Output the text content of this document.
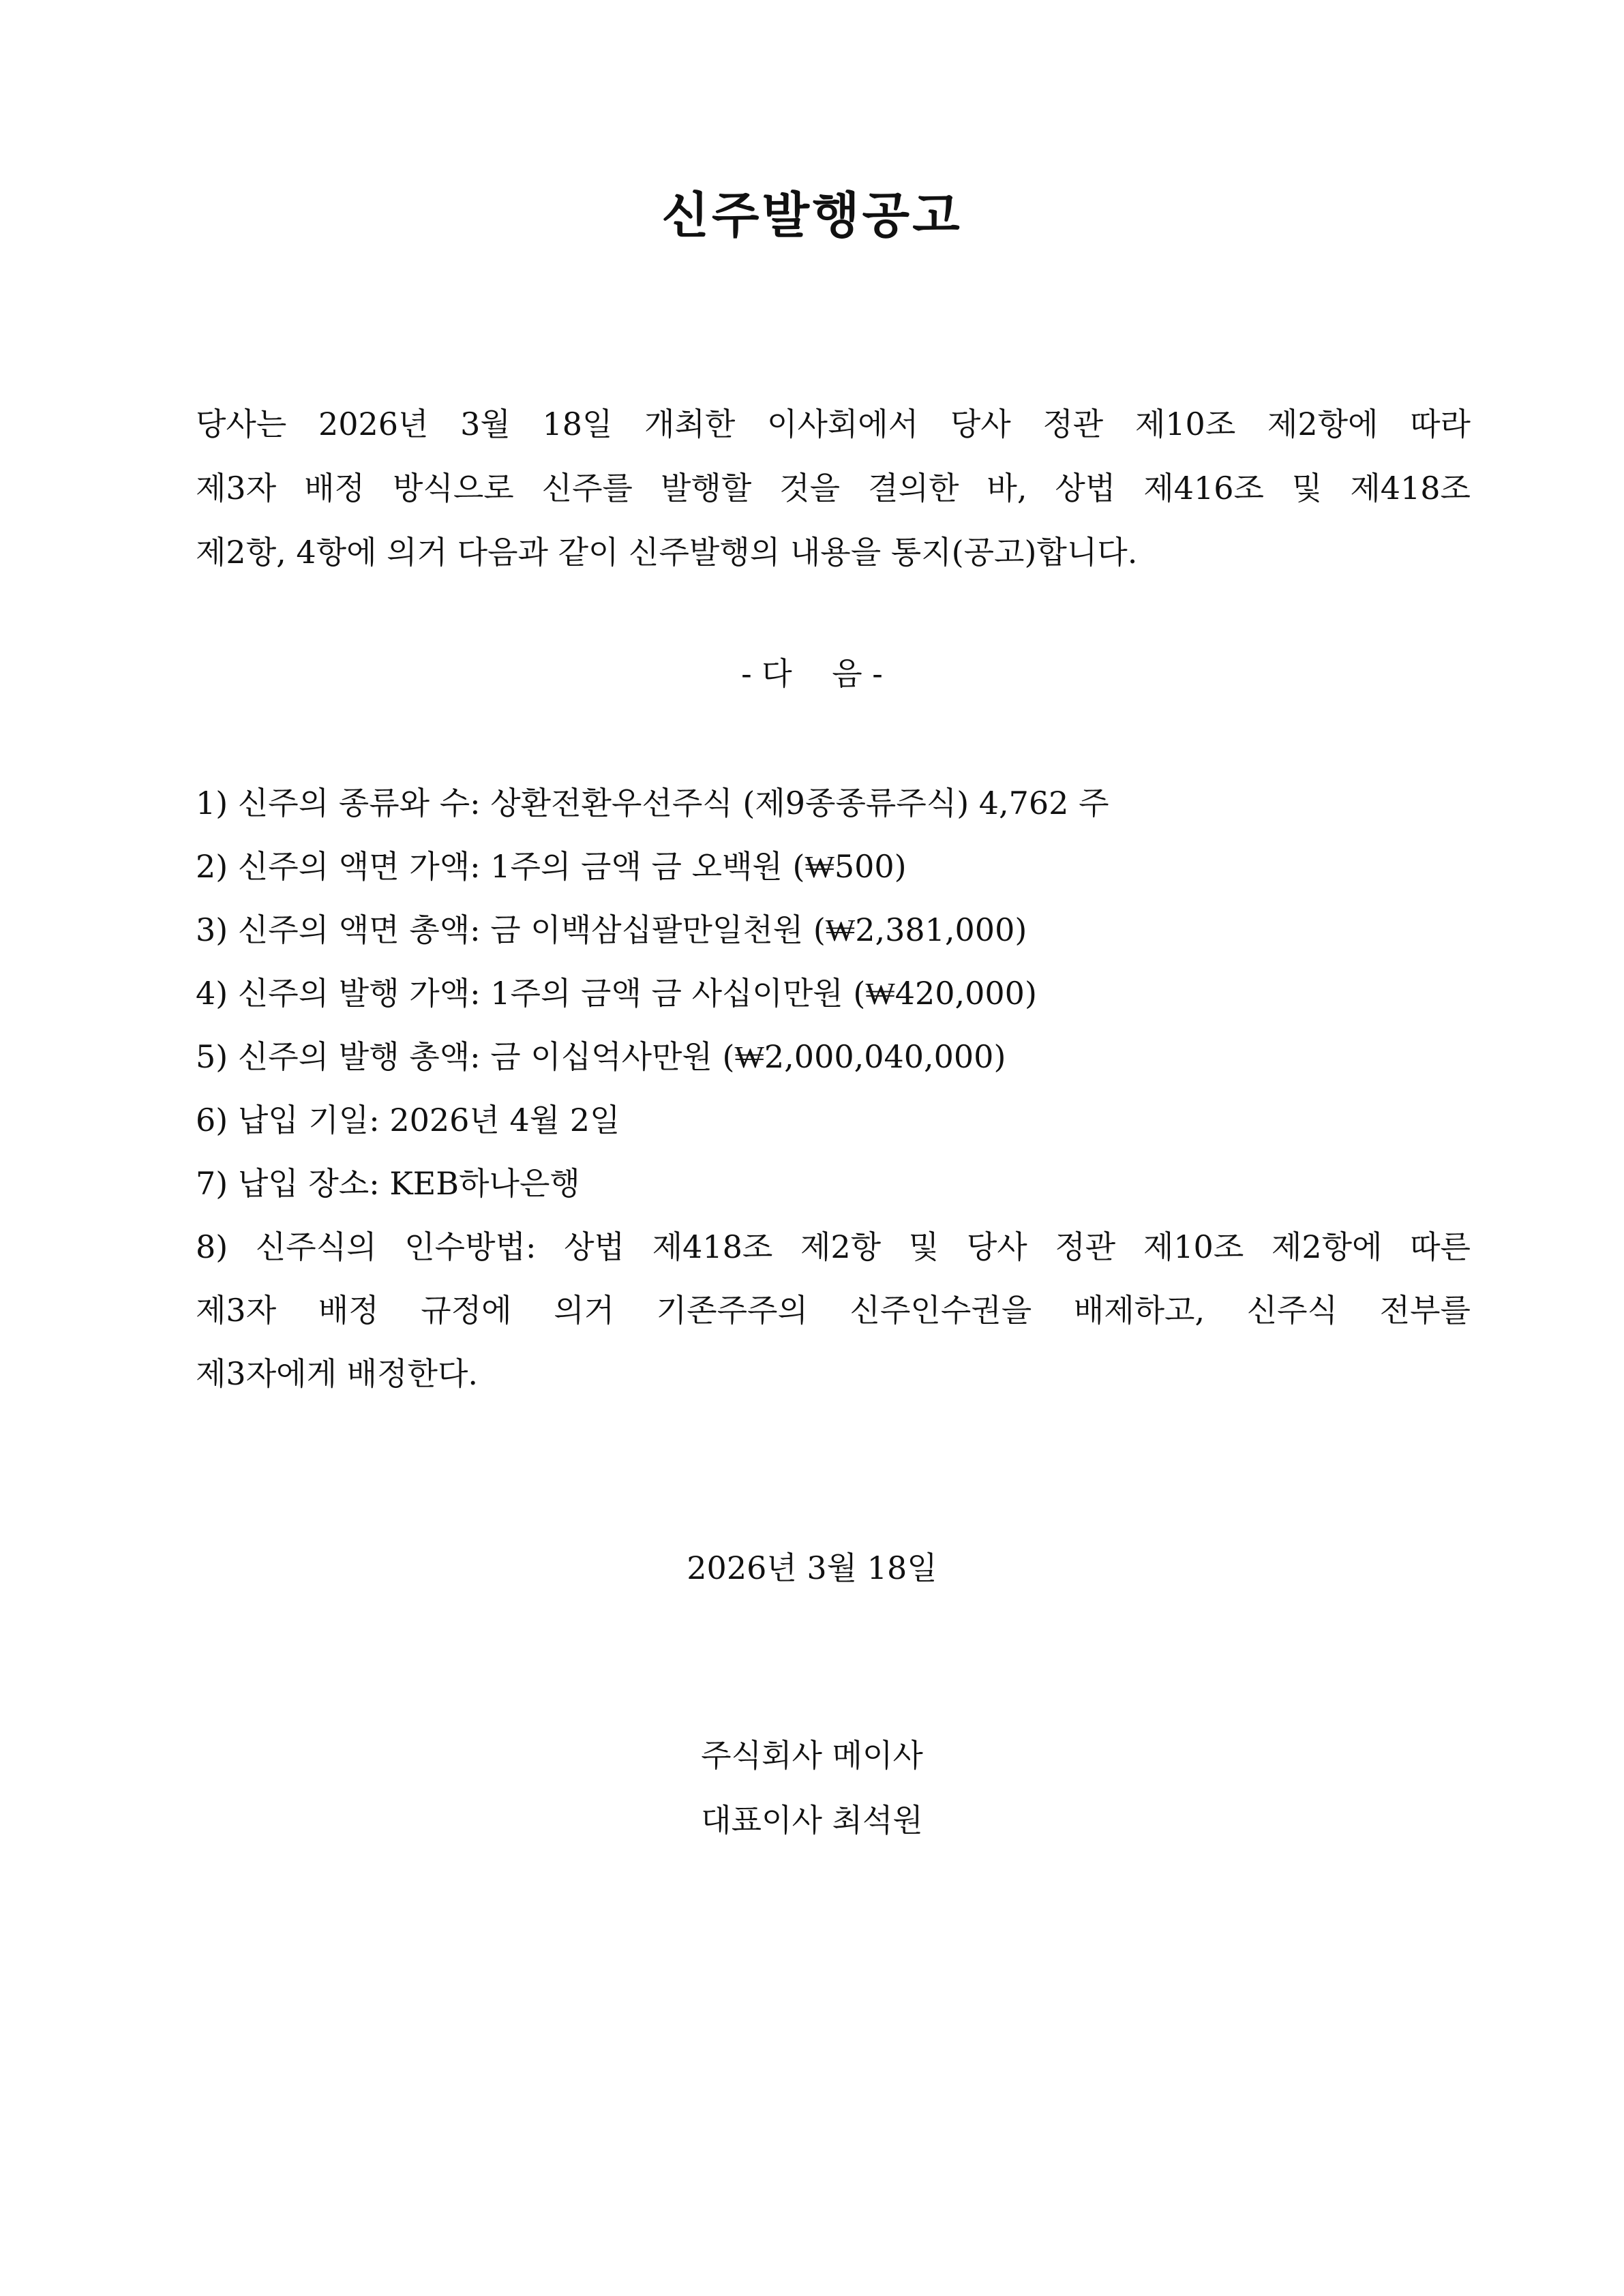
신주발행공고
당사는 2026년 3월 18일 개최한 이사회에서 당사 정관 제10조 제2항에 따라
제3자 배정 방식으로 신주를 발행할 것을 결의한 바, 상법 제416조 및 제418조
제2항, 4항에 의거 다음과 같이 신주발행의 내용을 통지(공고)합니다.
- 다    음 -
1) 신주의 종류와 수: 상환전환우선주식 (제9종종류주식) 4,762 주
2) 신주의 액면 가액: 1주의 금액 금 오백원 (₩500)
3) 신주의 액면 총액: 금 이백삼십팔만일천원 (₩2,381,000)
4) 신주의 발행 가액: 1주의 금액 금 사십이만원 (₩420,000)
5) 신주의 발행 총액: 금 이십억사만원 (₩2,000,040,000)
6) 납입 기일: 2026년 4월 2일
7) 납입 장소: KEB하나은행
8) 신주식의 인수방법: 상법 제418조 제2항 및 당사 정관 제10조 제2항에 따른
제3자 배정 규정에 의거 기존주주의 신주인수권을 배제하고, 신주식 전부를
제3자에게 배정한다.
2026년 3월 18일
주식회사 메이사
대표이사 최석원
